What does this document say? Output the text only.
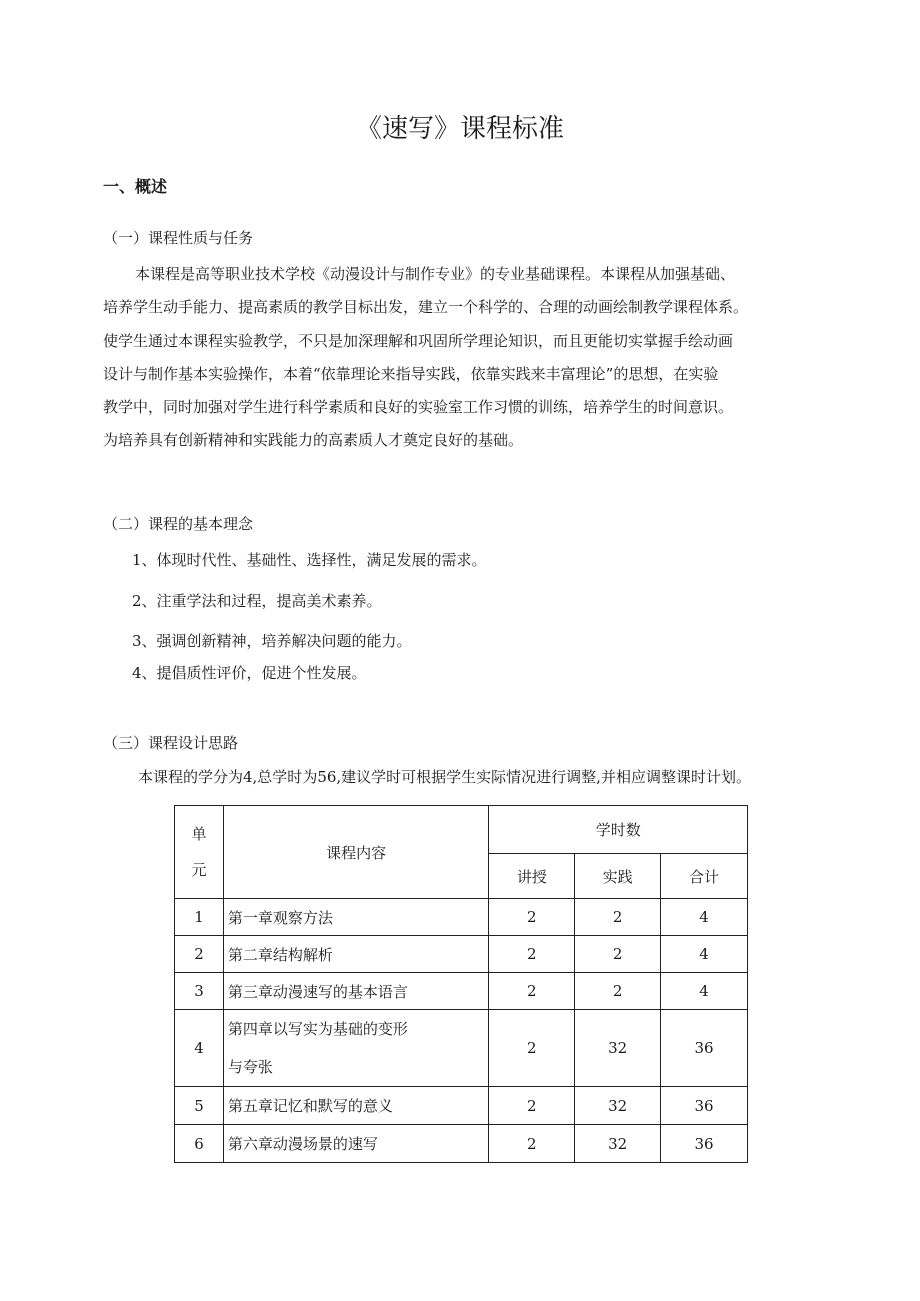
《速写》课程标准
一、概述
（一）课程性质与任务
本课程是高等职业技术学校《动漫设计与制作专业》的专业基础课程。本课程从加强基础、
培养学生动手能力、提高素质的教学目标出发，建立一个科学的、合理的动画绘制教学课程体系。
使学生通过本课程实验教学，不只是加深理解和巩固所学理论知识，而且更能切实掌握手绘动画
设计与制作基本实验操作，本着“依靠理论来指导实践，依靠实践来丰富理论”的思想，在实验
教学中，同时加强对学生进行科学素质和良好的实验室工作习惯的训练，培养学生的时间意识。
为培养具有创新精神和实践能力的高素质人才奠定良好的基础。
（二）课程的基本理念
1、体现时代性、基础性、选择性，满足发展的需求。
2、注重学法和过程，提高美术素养。
3、强调创新精神，培养解决问题的能力。
4、提倡质性评价，促进个性发展。
（三）课程设计思路
本课程的学分为4,总学时为56,建议学时可根据学生实际情况进行调整,并相应调整课时计划。
单
元	课程内容	学时数		
		讲授	实践	合计
1	第一章观察方法	2	2	4
2	第二章结构解析	2	2	4
3	第三章动漫速写的基本语言	2	2	4
4	第四章以写实为基础的变形
与夸张	2	32	36
5	第五章记忆和默写的意义	2	32	36
6	第六章动漫场景的速写	2	32	36
